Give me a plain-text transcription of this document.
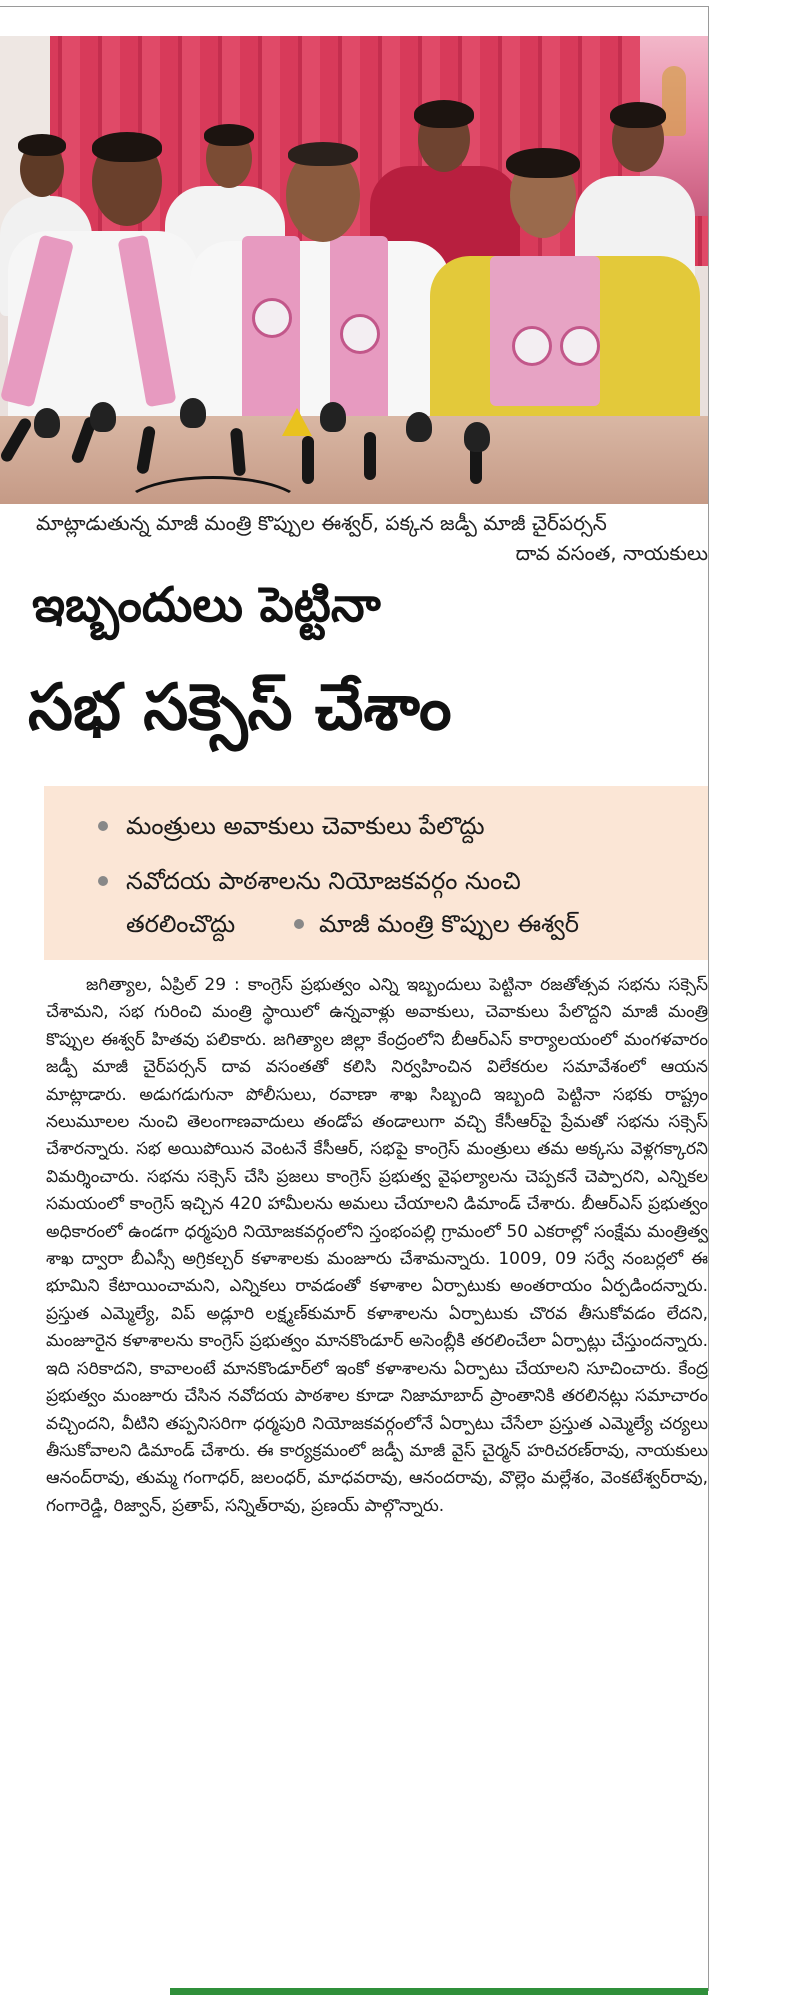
మాట్లాడుతున్న మాజీ మంత్రి కొప్పుల ఈశ్వర్, పక్కన జడ్పీ మాజీ చైర్‌పర్సన్
దావ వసంత, నాయకులు
ఇబ్బందులు పెట్టినా
సభ సక్సెస్ చేశాం
మంత్రులు అవాకులు చెవాకులు పేలొద్దు
నవోదయ పాఠశాలను నియోజకవర్గం నుంచి
తరలించొద్దు	మాజీ మంత్రి కొప్పుల ఈశ్వర్

జగిత్యాల, ఏప్రిల్ 29 : కాంగ్రెస్ ప్రభుత్వం ఎన్ని ఇబ్బందులు పెట్టినా రజతోత్సవ సభను సక్సెస్ చేశామని, సభ గురించి మంత్రి స్థాయిలో ఉన్నవాళ్లు అవాకులు, చెవాకులు పేలొద్దని మాజీ మంత్రి కొప్పుల ఈశ్వర్ హితవు పలికారు. జగిత్యాల జిల్లా కేంద్రంలోని బీఆర్ఎస్ కార్యాలయంలో మంగళవారం జడ్పీ మాజీ చైర్‌పర్సన్ దావ వసంతతో కలిసి నిర్వహించిన విలేకరుల సమావేశంలో ఆయన మాట్లాడారు. అడుగడుగునా పోలీసులు, రవాణా శాఖ సిబ్బంది ఇబ్బంది పెట్టినా సభకు రాష్ట్రం నలుమూలల నుంచి తెలంగాణవాదులు తండోప తండాలుగా వచ్చి కేసీఆర్‌పై ప్రేమతో సభను సక్సెస్ చేశారన్నారు. సభ అయిపోయిన వెంటనే కేసీఆర్, సభపై కాంగ్రెస్ మంత్రులు తమ అక్కసు వెళ్లగక్కారని విమర్శించారు. సభను సక్సెస్ చేసి ప్రజలు కాంగ్రెస్ ప్రభుత్వ వైఫల్యాలను చెప్పకనే చెప్పారని, ఎన్నికల సమయంలో కాంగ్రెస్ ఇచ్చిన 420 హామీలను అమలు చేయాలని డిమాండ్ చేశారు. బీఆర్ఎస్ ప్రభుత్వం అధికారంలో ఉండగా ధర్మపురి నియోజకవర్గంలోని స్తంభంపల్లి గ్రామంలో 50 ఎకరాల్లో సంక్షేమ మంత్రిత్వ శాఖ ద్వారా బీఎస్సీ అగ్రికల్చర్ కళాశాలకు మంజూరు చేశామన్నారు. 1009, 09 సర్వే నంబర్లలో ఈ భూమిని కేటాయించామని, ఎన్నికలు రావడంతో కళాశాల ఏర్పాటుకు అంతరాయం ఏర్పడిందన్నారు. ప్రస్తుత ఎమ్మెల్యే, విప్ అడ్లూరి లక్ష్మణ్‌కుమార్ కళాశాలను ఏర్పాటుకు చొరవ తీసుకోవడం లేదని, మంజూరైన కళాశాలను కాంగ్రెస్ ప్రభుత్వం మానకొండూర్ అసెంబ్లీకి తరలించేలా ఏర్పాట్లు చేస్తుందన్నారు. ఇది సరికాదని, కావాలంటే మానకొండూర్‌లో ఇంకో కళాశాలను ఏర్పాటు చేయాలని సూచించారు. కేంద్ర ప్రభుత్వం మంజూరు చేసిన నవోదయ పాఠశాల కూడా నిజామాబాద్ ప్రాంతానికి తరలినట్లు సమాచారం వచ్చిందని, వీటిని తప్పనిసరిగా ధర్మపురి నియోజకవర్గంలోనే ఏర్పాటు చేసేలా ప్రస్తుత ఎమ్మెల్యే చర్యలు తీసుకోవాలని డిమాండ్ చేశారు. ఈ కార్యక్రమంలో జడ్పీ మాజీ వైస్ చైర్మన్ హరిచరణ్‌రావు, నాయకులు ఆనంద్‌రావు, తుమ్మ గంగాధర్, జలంధర్, మాధవరావు, ఆనందరావు, వొల్లెం మల్లేశం, వెంకటేశ్వర్‌రావు, గంగారెడ్డి, రిజ్వాన్, ప్రతాప్, సన్నిత్‌రావు, ప్రణయ్ పాల్గొన్నారు.
